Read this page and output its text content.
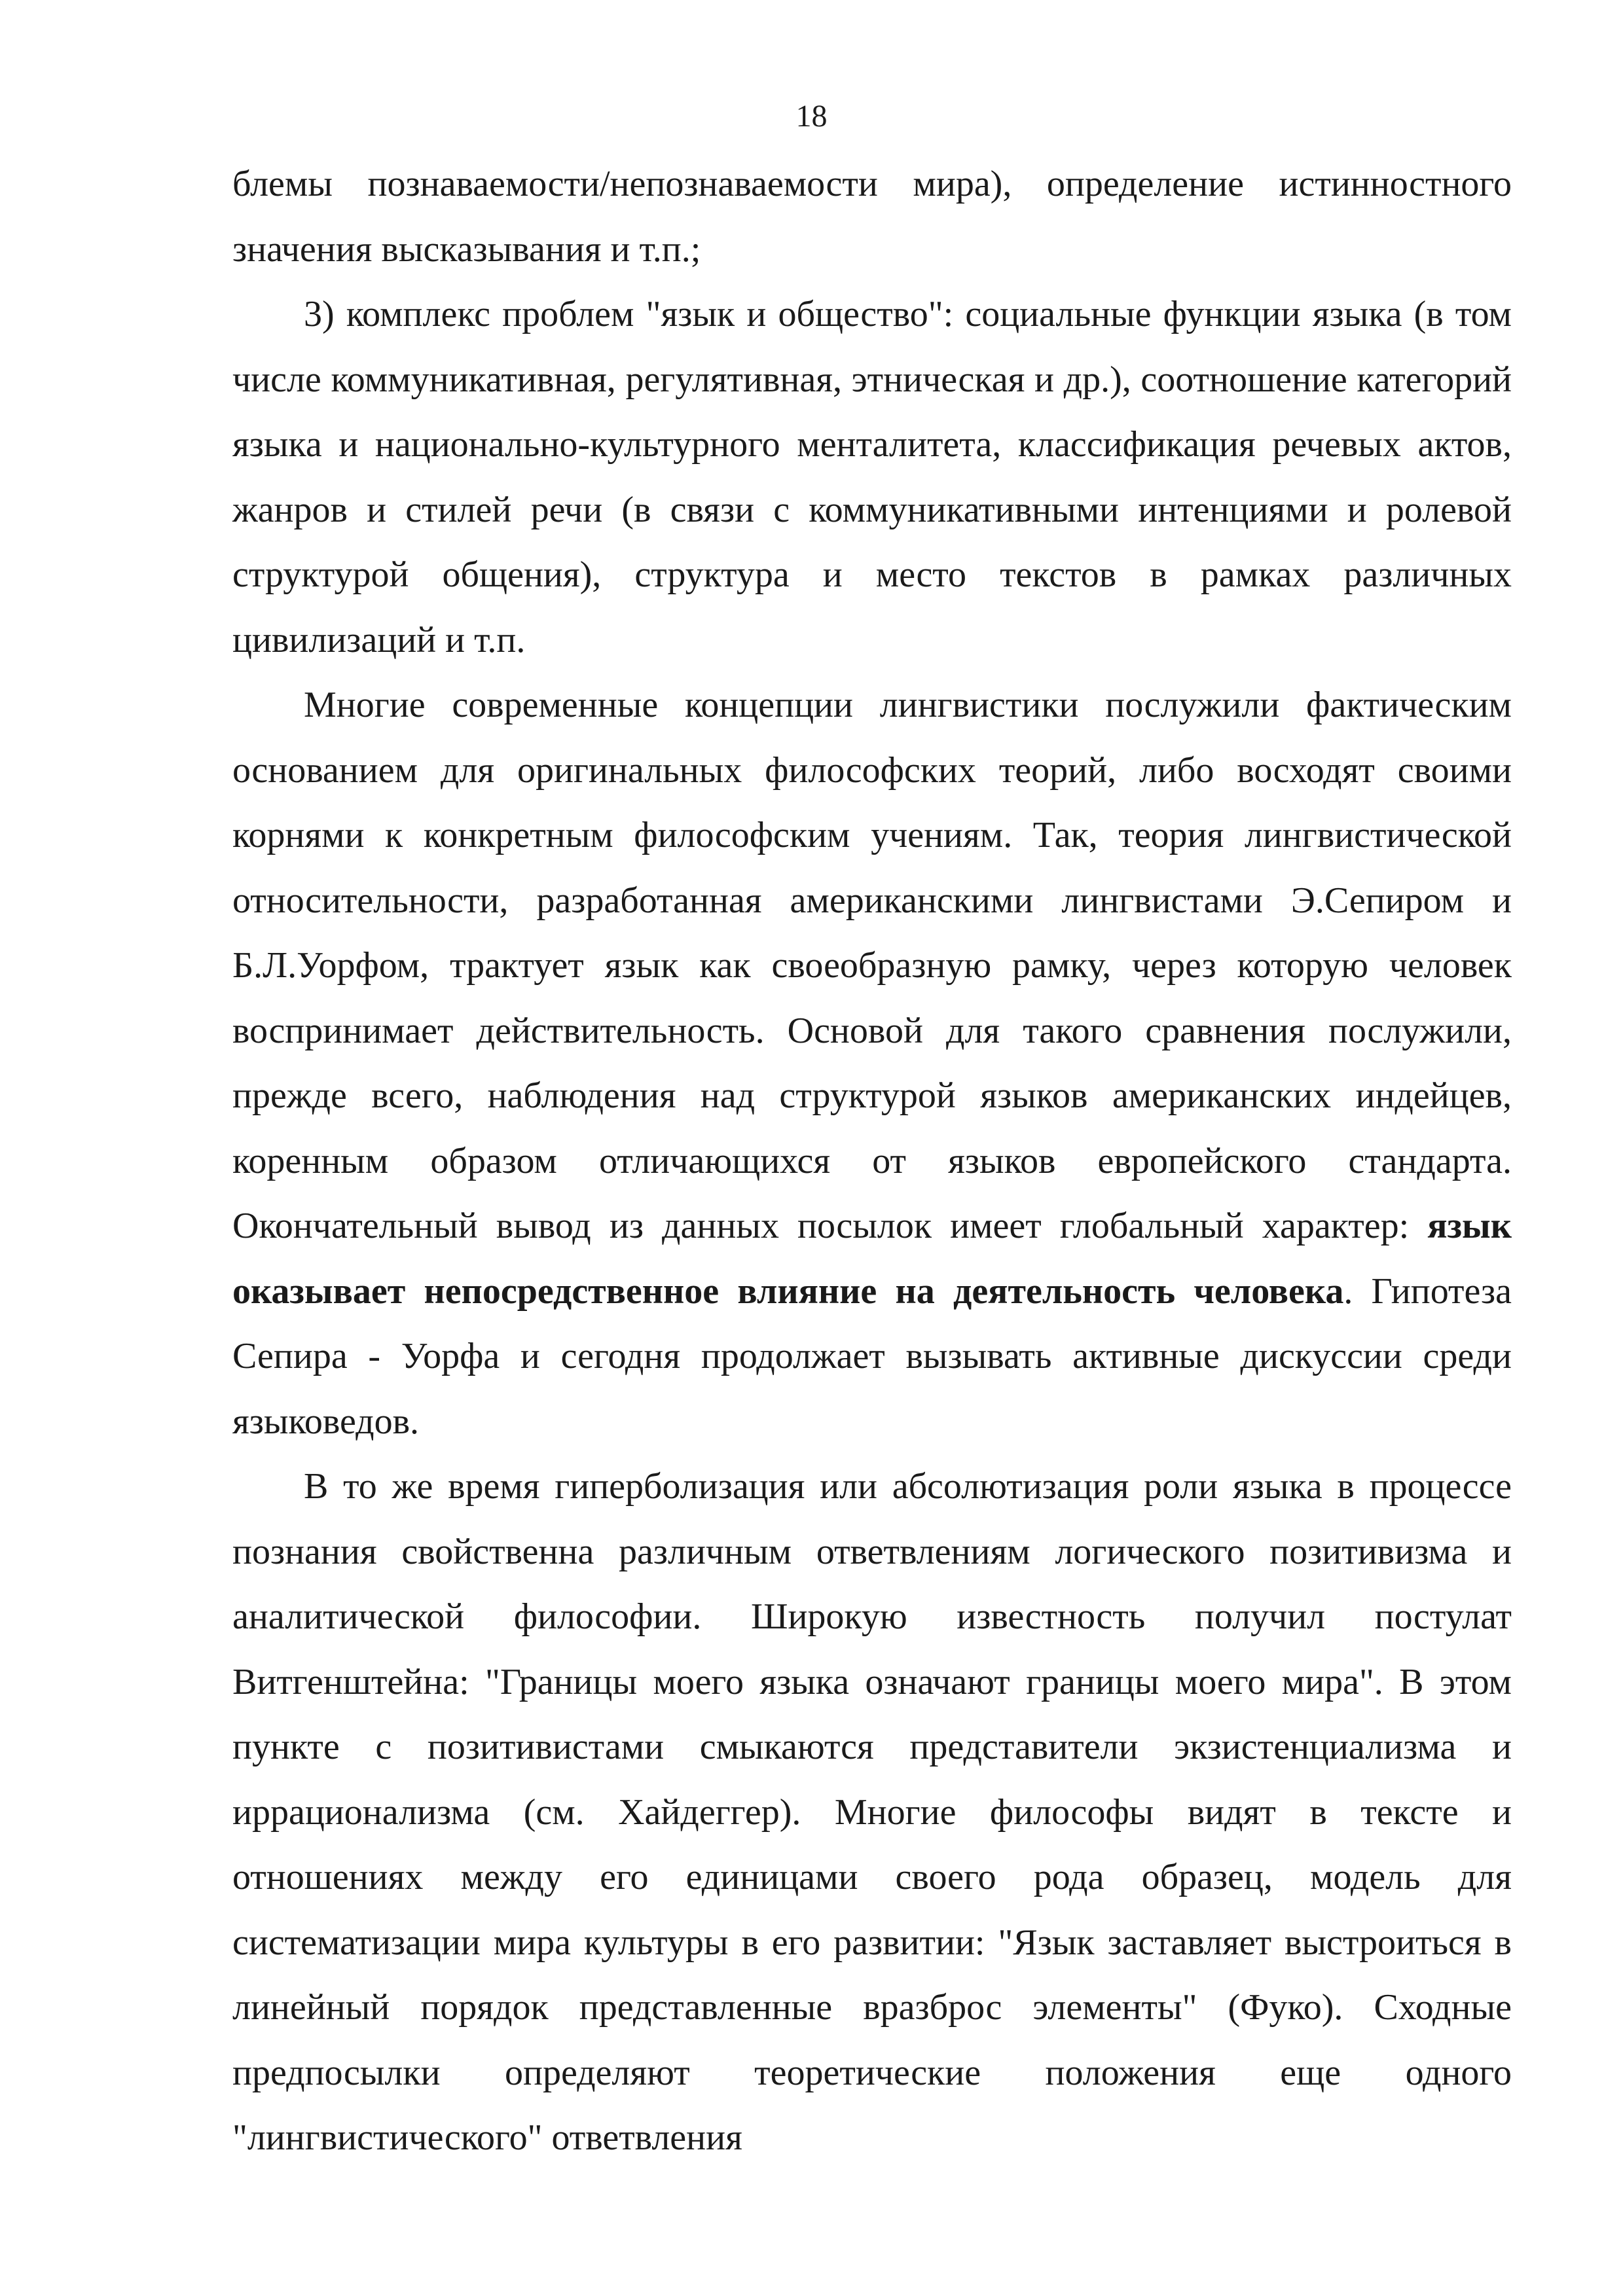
18

блемы познаваемости/непознаваемости мира), определение истинностного значения высказывания и т.п.;

3) комплекс проблем "язык и общество": социальные функции языка (в том числе коммуникативная, регулятивная, этническая и др.), соотношение категорий языка и национально-культурного менталитета, классификация речевых актов, жанров и стилей речи (в связи с коммуникативными интенциями и ролевой структурой общения), структура и место текстов в рамках различных цивилизаций и т.п.

Многие современные концепции лингвистики послужили фактическим основанием для оригинальных философских теорий, либо восходят своими корнями к конкретным философским учениям. Так, теория лингвистической относительности, разработанная американскими лингвистами Э.Сепиром и Б.Л.Уорфом, трактует язык как своеобразную рамку, через которую человек воспринимает действительность. Основой для такого сравнения послужили, прежде всего, наблюдения над структурой языков американских индейцев, коренным образом отличающихся от языков европейского стандарта. Окончательный вывод из данных посылок имеет глобальный характер: язык оказывает непосредственное влияние на деятельность человека. Гипотеза Сепира - Уорфа и сегодня продолжает вызывать активные дискуссии среди языковедов.

В то же время гиперболизация или абсолютизация роли языка в процессе познания свойственна различным ответвлениям логического позитивизма и аналитической философии. Широкую известность получил постулат Витгенштейна: "Границы моего языка означают границы моего мира". В этом пункте с позитивистами смыкаются представители экзистенциализма и иррационализма (см. Хайдеггер). Многие философы видят в тексте и отношениях между его единицами своего рода образец, модель для систематизации мира культуры в его развитии: "Язык заставляет выстроиться в линейный порядок представленные вразброс элементы" (Фуко). Сходные предпосылки определяют теоретические положения еще одного "лингвистического" ответвления
